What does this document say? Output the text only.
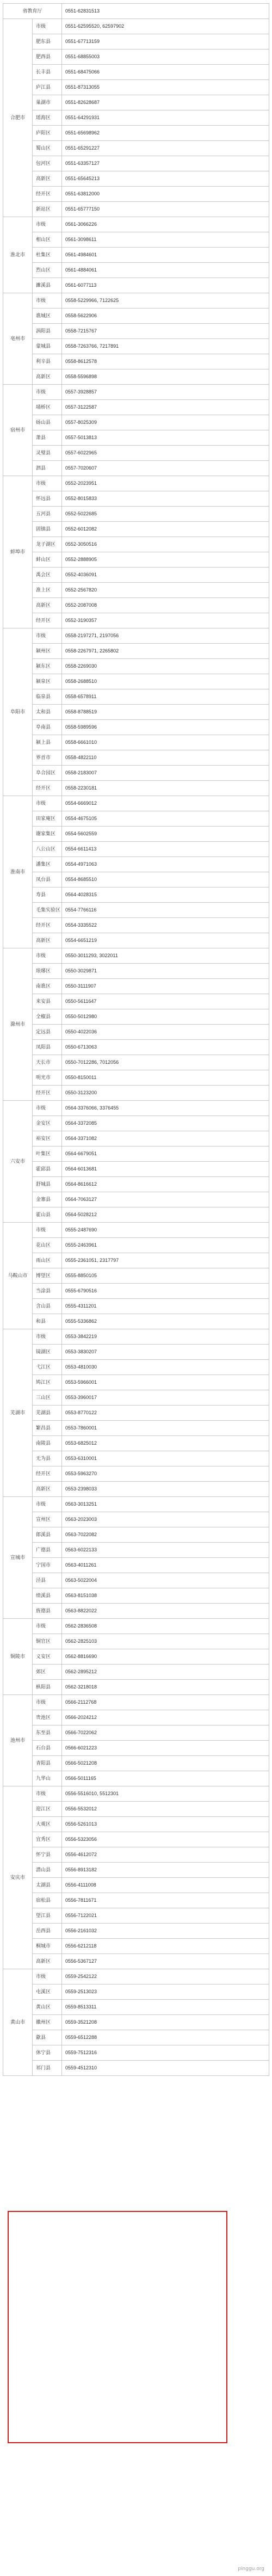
省教育厅		0551-62831513
合肥市	市级	0551-62595520, 62597902
	肥东县	0551-67713159
	肥西县	0551-68855003
	长丰县	0551-68475066
	庐江县	0551-87313055
	巢湖市	0551-82628687
	瑶海区	0551-64291931
	庐阳区	0551-65698962
	蜀山区	0551-65291227
	包河区	0551-63357127
	高新区	0551-65645213
	经开区	0551-63812000
	新站区	0551-65777150
淮北市	市级	0561-3066226
	相山区	0561-3098611
	杜集区	0561-4984601
	烈山区	0561-4884061
	濉溪县	0561-6077113
亳州市	市级	0558-5229966, 7122625
	谯城区	0558-5622906
	涡阳县	0558-7215767
	蒙城县	0558-7263766, 7217891
	利辛县	0558-8612578
	高新区	0558-5596898
宿州市	市级	0557-3928857
	埇桥区	0557-3122587
	砀山县	0557-8025309
	萧县	0557-5013813
	灵璧县	0557-6022965
	泗县	0557-7020607
蚌埠市	市级	0552-2023951
	怀远县	0552-8015833
	五河县	0552-5022685
	固镇县	0552-6012082
	龙子湖区	0552-3050516
	蚌山区	0552-2888905
	禹会区	0552-4036091
	淮上区	0552-2567820
	高新区	0552-2087008
	经开区	0552-3190357
阜阳市	市级	0558-2197271, 2197056
	颍州区	0558-2267971, 2265802
	颍东区	0558-2269030
	颍泉区	0558-2688510
	临泉县	0558-6578911
	太和县	0558-8788519
	阜南县	0558-5989596
	颍上县	0558-6661010
	界首市	0558-4822110
	阜合园区	0558-2183007
	经开区	0558-2230181
淮南市	市级	0554-6669012
	田家庵区	0554-4675105
	谢家集区	0554-5602559
	八公山区	0554-6611413
	潘集区	0554-4971063
	凤台县	0554-8685510
	寿县	0564-4028315
	毛集实验区	0554-7766116
	经开区	0554-3335522
	高新区	0554-6651219
滁州市	市级	0550-3011293, 3022011
	琅琊区	0550-3029871
	南谯区	0550-3111907
	来安县	0550-5611647
	全椒县	0550-5012980
	定远县	0550-4022036
	凤阳县	0550-6713063
	天长市	0550-7012286, 7012056
	明光市	0550-8150011
	经开区	0550-3123200
六安市	市级	0564-3376066, 3376455
	金安区	0564-3372085
	裕安区	0564-3371082
	叶集区	0564-6679051
	霍邱县	0564-6013681
	舒城县	0564-8616612
	金寨县	0564-7063127
	霍山县	0564-5028212
马鞍山市	市级	0555-2487690
	花山区	0555-2463961
	雨山区	0555-2361051, 2317797
	博望区	0555-8850105
	当涂县	0555-6790516
	含山县	0555-4311201
	和县	0555-5336862
芜湖市	市级	0553-3842219
	镜湖区	0553-3830207
	弋江区	0553-4810030
	鸠江区	0553-5966001
	三山区	0553-3960017
	芜湖县	0553-8770122
	繁昌县	0553-7860001
	南陵县	0553-6825012
	无为县	0553-6310001
	经开区	0553-5963270
	高新区	0553-2398033
宣城市	市级	0563-3013251
	宣州区	0563-2023003
	郎溪县	0563-7022082
	广德县	0563-6022133
	宁国市	0563-4011261
	泾县	0563-5022004
	绩溪县	0563-8151038
	旌德县	0563-8822022
铜陵市	市级	0562-2836508
	铜官区	0562-2825103
	义安区	0562-8816690
	郊区	0562-2895212
	枞阳县	0562-3218018
池州市	市级	0566-2112768
	贵池区	0566-2024212
	东至县	0566-7022062
	石台县	0566-6021223
	青阳县	0566-5021208
	九华山	0566-5011165
安庆市	市级	0556-5516010, 5512301
	迎江区	0556-5532012
	大观区	0556-5261013
	宜秀区	0556-5323056
	怀宁县	0556-4612072
	潜山县	0556-8913182
	太湖县	0556-4111008
	宿松县	0556-7811671
	望江县	0556-7122021
	岳西县	0556-2161032
	桐城市	0556-6212118
	高新区	0556-5367127
黄山市	市级	0559-2542122
	屯溪区	0559-2513023
	黄山区	0559-8513311
	徽州区	0559-3521208
	歙县	0559-6512288
	休宁县	0559-7512316
	祁门县	0559-4512310
pinggu.org
